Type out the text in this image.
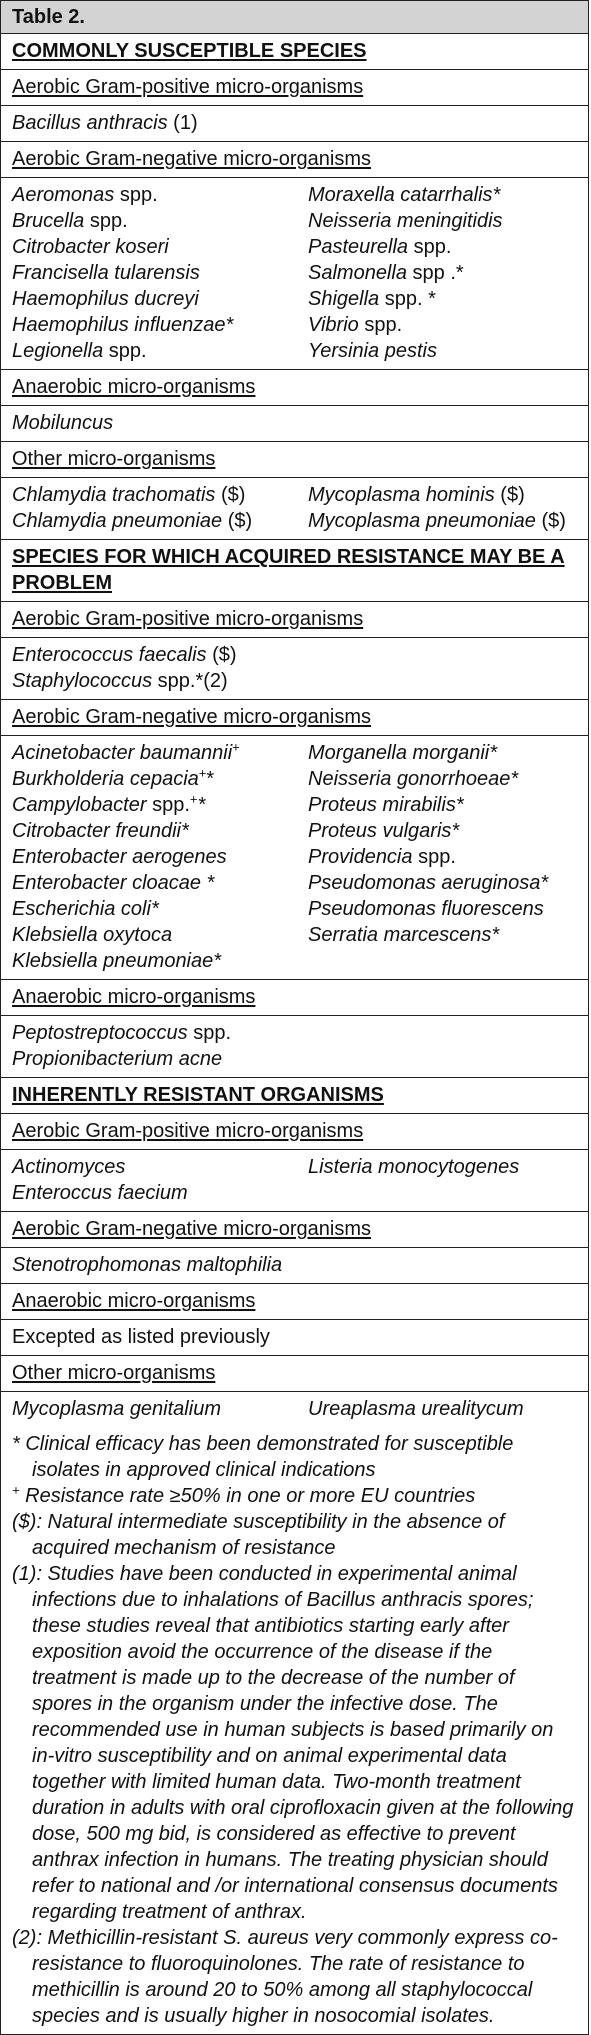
Table 2.
COMMONLY SUSCEPTIBLE SPECIES
Aerobic Gram-positive micro-organisms
Bacillus anthracis (1)
Aerobic Gram-negative micro-organisms
Aeromonas spp.	Moraxella catarrhalis*
Brucella spp.	Neisseria meningitidis
Citrobacter koseri	Pasteurella spp.
Francisella tularensis	Salmonella spp .*
Haemophilus ducreyi	Shigella spp. *
Haemophilus influenzae*	Vibrio spp.
Legionella spp.	Yersinia pestis
Anaerobic micro-organisms
Mobiluncus
Other micro-organisms
Chlamydia trachomatis ($)	Mycoplasma hominis ($)
Chlamydia pneumoniae ($)	Mycoplasma pneumoniae ($)
SPECIES FOR WHICH ACQUIRED RESISTANCE MAY BE A PROBLEM
Aerobic Gram-positive micro-organisms
Enterococcus faecalis ($)
Staphylococcus spp.*(2)
Aerobic Gram-negative micro-organisms
Acinetobacter baumannii+	Morganella morganii*
Burkholderia cepacia+*	Neisseria gonorrhoeae*
Campylobacter spp.+*	Proteus mirabilis*
Citrobacter freundii*	Proteus vulgaris*
Enterobacter aerogenes	Providencia spp.
Enterobacter cloacae *	Pseudomonas aeruginosa*
Escherichia coli*	Pseudomonas fluorescens
Klebsiella oxytoca	Serratia marcescens*
Klebsiella pneumoniae*
Anaerobic micro-organisms
Peptostreptococcus spp.
Propionibacterium acne
INHERENTLY RESISTANT ORGANISMS
Aerobic Gram-positive micro-organisms
Actinomyces	Listeria monocytogenes
Enteroccus faecium
Aerobic Gram-negative micro-organisms
Stenotrophomonas maltophilia
Anaerobic micro-organisms
Excepted as listed previously
Other micro-organisms
Mycoplasma genitalium	Ureaplasma urealitycum
* Clinical efficacy has been demonstrated for susceptible isolates in approved clinical indications
+ Resistance rate ≥50% in one or more EU countries
($): Natural intermediate susceptibility in the absence of acquired mechanism of resistance
(1): Studies have been conducted in experimental animal infections due to inhalations of Bacillus anthracis spores; these studies reveal that antibiotics starting early after exposition avoid the occurrence of the disease if the treatment is made up to the decrease of the number of spores in the organism under the infective dose. The recommended use in human subjects is based primarily on in-vitro susceptibility and on animal experimental data together with limited human data. Two-month treatment duration in adults with oral ciprofloxacin given at the following dose, 500 mg bid, is considered as effective to prevent anthrax infection in humans. The treating physician should refer to national and /or international consensus documents regarding treatment of anthrax.
(2): Methicillin-resistant S. aureus very commonly express co-resistance to fluoroquinolones. The rate of resistance to methicillin is around 20 to 50% among all staphylococcal species and is usually higher in nosocomial isolates.
